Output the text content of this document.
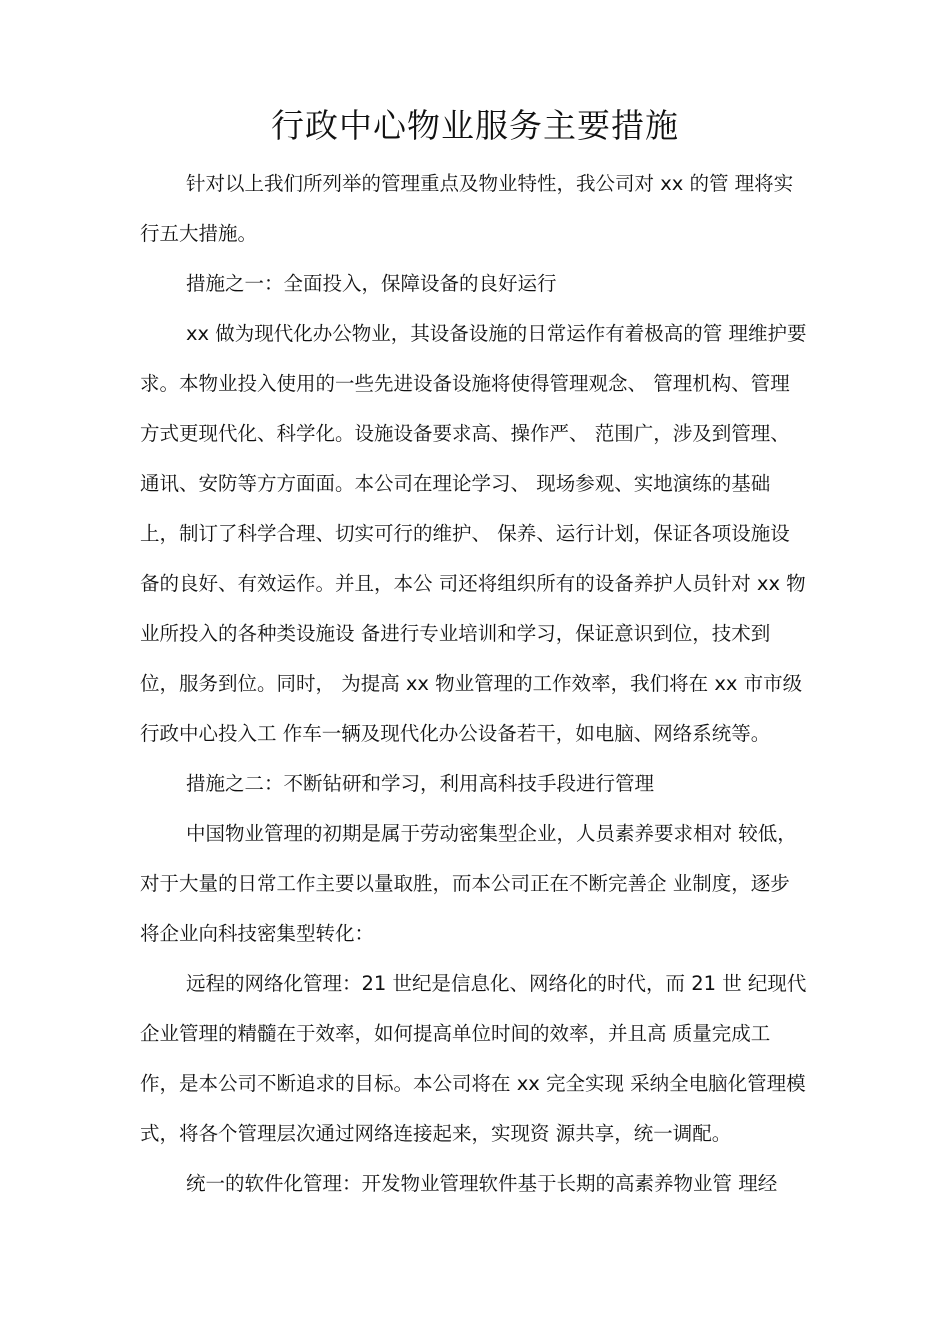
行政中心物业服务主要措施
针对以上我们所列举的管理重点及物业特性，我公司对 xx 的管 理将实
行五大措施。
措施之一：全面投入，保障设备的良好运行
xx 做为现代化办公物业，其设备设施的日常运作有着极高的管 理维护要
求。本物业投入使用的一些先进设备设施将使得管理观念、 管理机构、管理
方式更现代化、科学化。设施设备要求高、操作严、 范围广，涉及到管理、
通讯、安防等方方面面。本公司在理论学习、 现场参观、实地演练的基础
上，制订了科学合理、切实可行的维护、 保养、运行计划，保证各项设施设
备的良好、有效运作。并且，本公 司还将组织所有的设备养护人员针对 xx 物
业所投入的各种类设施设 备进行专业培训和学习，保证意识到位，技术到
位，服务到位。同时， 为提高 xx 物业管理的工作效率，我们将在 xx 市市级
行政中心投入工 作车一辆及现代化办公设备若干，如电脑、网络系统等。
措施之二：不断钻研和学习，利用高科技手段进行管理
中国物业管理的初期是属于劳动密集型企业，人员素养要求相对 较低，
对于大量的日常工作主要以量取胜，而本公司正在不断完善企 业制度，逐步
将企业向科技密集型转化：
远程的网络化管理：21 世纪是信息化、网络化的时代，而 21 世 纪现代
企业管理的精髓在于效率，如何提高单位时间的效率，并且高 质量完成工
作，是本公司不断追求的目标。本公司将在 xx 完全实现 采纳全电脑化管理模
式，将各个管理层次通过网络连接起来，实现资 源共享，统一调配。
统一的软件化管理：开发物业管理软件基于长期的高素养物业管 理经
